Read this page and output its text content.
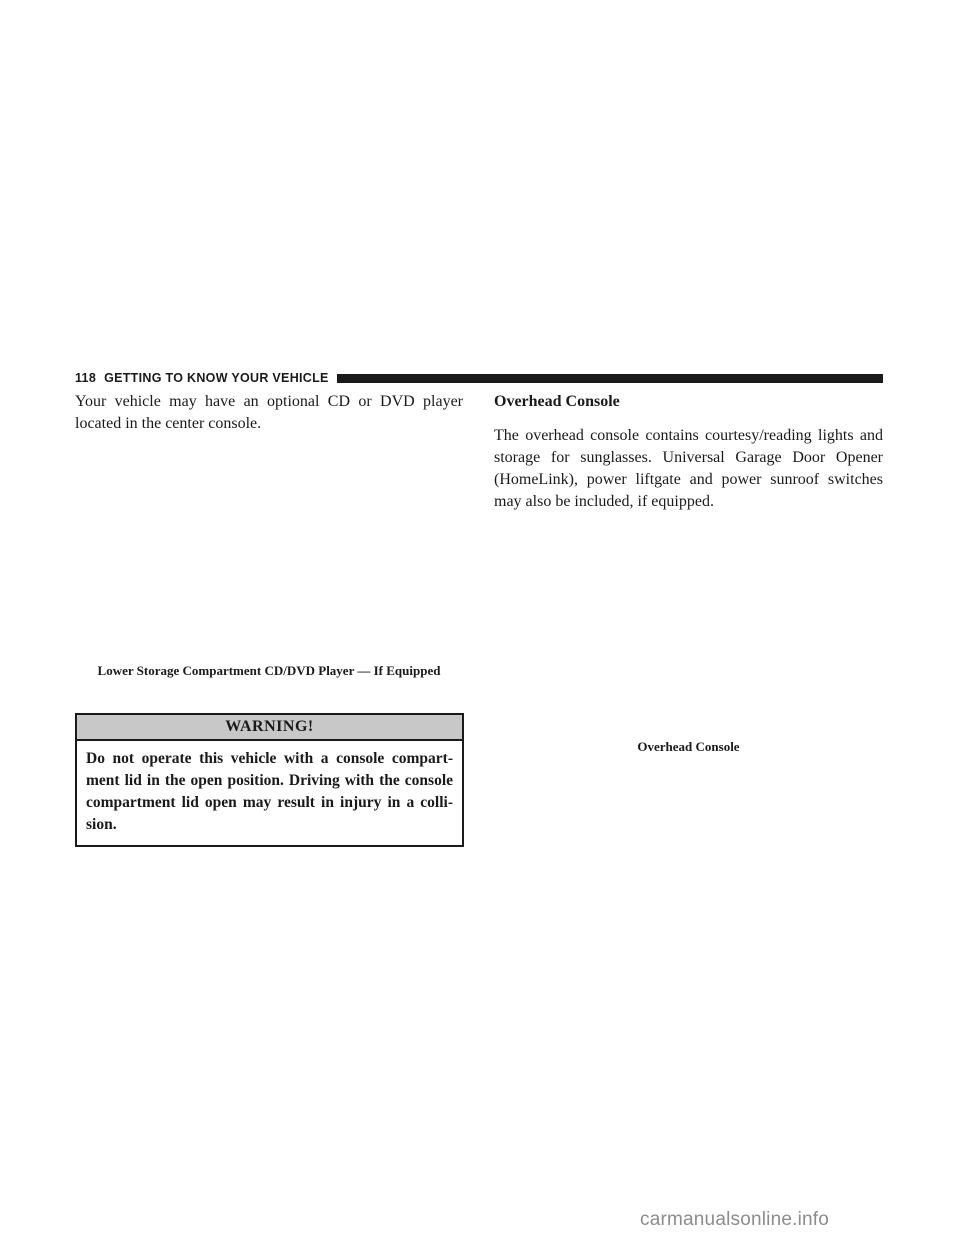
118 GETTING TO KNOW YOUR VEHICLE

Your vehicle may have an optional CD or DVD player located in the center console.

Lower Storage Compartment CD/DVD Player — If Equipped

WARNING!
Do not operate this vehicle with a console compart-ment lid in the open position. Driving with the console compartment lid open may result in injury in a colli-sion.

Overhead Console

The overhead console contains courtesy/reading lights and storage for sunglasses. Universal Garage Door Opener (HomeLink), power liftgate and power sunroof switches may also be included, if equipped.

Overhead Console

carmanualsonline.info
